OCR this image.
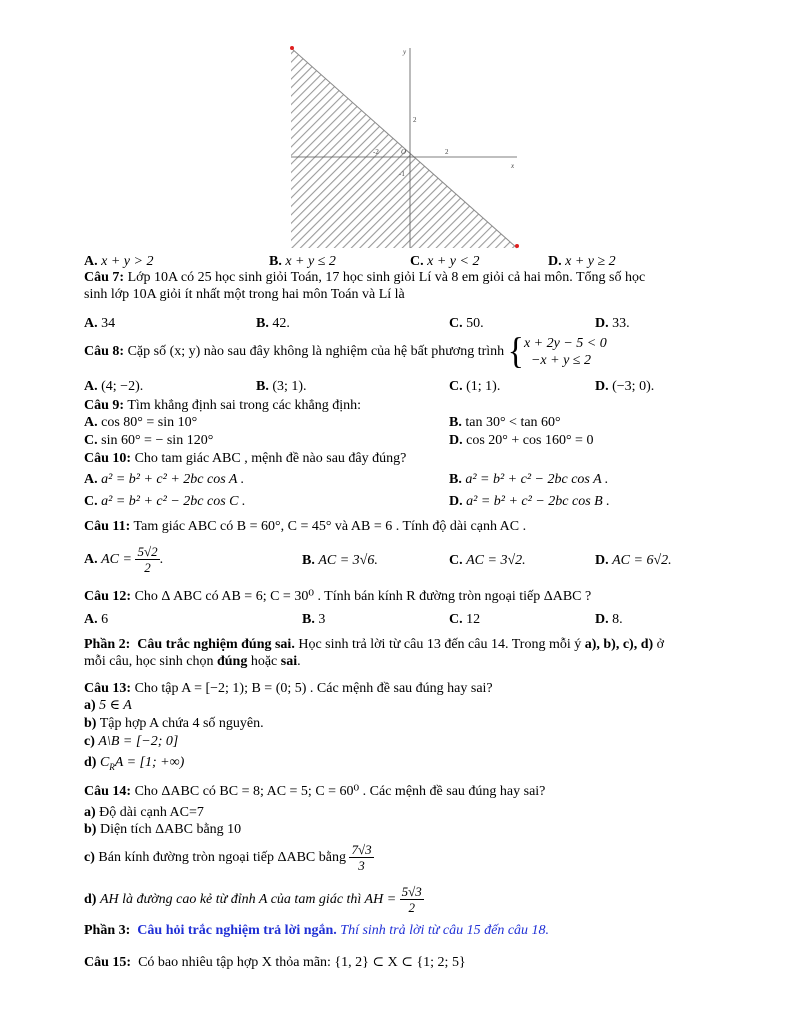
y
x
2
-2	O	2
-1
A. x + y > 2	B. x + y ≤ 2	C. x + y < 2	D. x + y ≥ 2
Câu 7: Lớp 10A có 25 học sinh giỏi Toán, 17 học sinh giỏi Lí và 8 em giỏi cả hai môn. Tổng số học
sinh lớp 10A giỏi ít nhất một trong hai môn Toán và Lí là
A. 34	B. 42.	C. 50.	D. 33.
Câu 8: Cặp số (x; y) nào sau đây không là nghiệm của hệ bất phương trình {x + 2y − 5 < 0
−x + y ≤ 2
A. (4; −2).	B. (3; 1).	C. (1; 1).	D. (−3; 0).
Câu 9: Tìm khẳng định sai trong các khẳng định:
A. cos 80° = sin 10°	B. tan 30° < tan 60°
C. sin 60° = − sin 120°	D. cos 20° + cos 160° = 0
Câu 10: Cho tam giác ABC , mệnh đề nào sau đây đúng?
A. a² = b² + c² + 2bc cos A .	B. a² = b² + c² − 2bc cos A .
C. a² = b² + c² − 2bc cos C .	D. a² = b² + c² − 2bc cos B .
Câu 11: Tam giác ABC có B = 60°, C = 45° và AB = 6 . Tính độ dài cạnh AC .
A. AC = $\frac{5√2}{2}$ .	B. AC = 3√6.	C. AC = 3√2.	D. AC = 6√2.
Câu 12: Cho Δ ABC có AB = 6; C = 30⁰ . Tính bán kính R đường tròn ngoại tiếp ΔABC ?
A. 6	B. 3	C. 12	D. 8.
Phần 2: Câu trắc nghiệm đúng sai. Học sinh trả lời từ câu 13 đến câu 14. Trong mỗi ý a), b), c), d) ở
mỗi câu, học sinh chọn đúng hoặc sai.
Câu 13: Cho tập A = [−2; 1); B = (0; 5) . Các mệnh đề sau đúng hay sai?
a) 5 ∈ A
b) Tập hợp A chứa 4 số nguyên.
c) A\B = [−2; 0]
d) $C_RA = [1$; +∞)
Câu 14: Cho ΔABC có BC = 8; AC = 5; C = 60⁰ . Các mệnh đề sau đúng hay sai?
a) Độ dài cạnh AC=7
b) Diện tích ΔABC bằng 10
c) Bán kính đường tròn ngoại tiếp ΔABC bằng $\frac{7√3}{3}$
d) AH là đường cao kẻ từ đỉnh A của tam giác thì AH = $\frac{5√3}{2}$
Phần 3: Câu hỏi trắc nghiệm trả lời ngắn. Thí sinh trả lời từ câu 15 đến câu 18.
Câu 15: Có bao nhiêu tập hợp X thỏa mãn: {1, 2} ⊂ X ⊂ {1; 2; 5}
